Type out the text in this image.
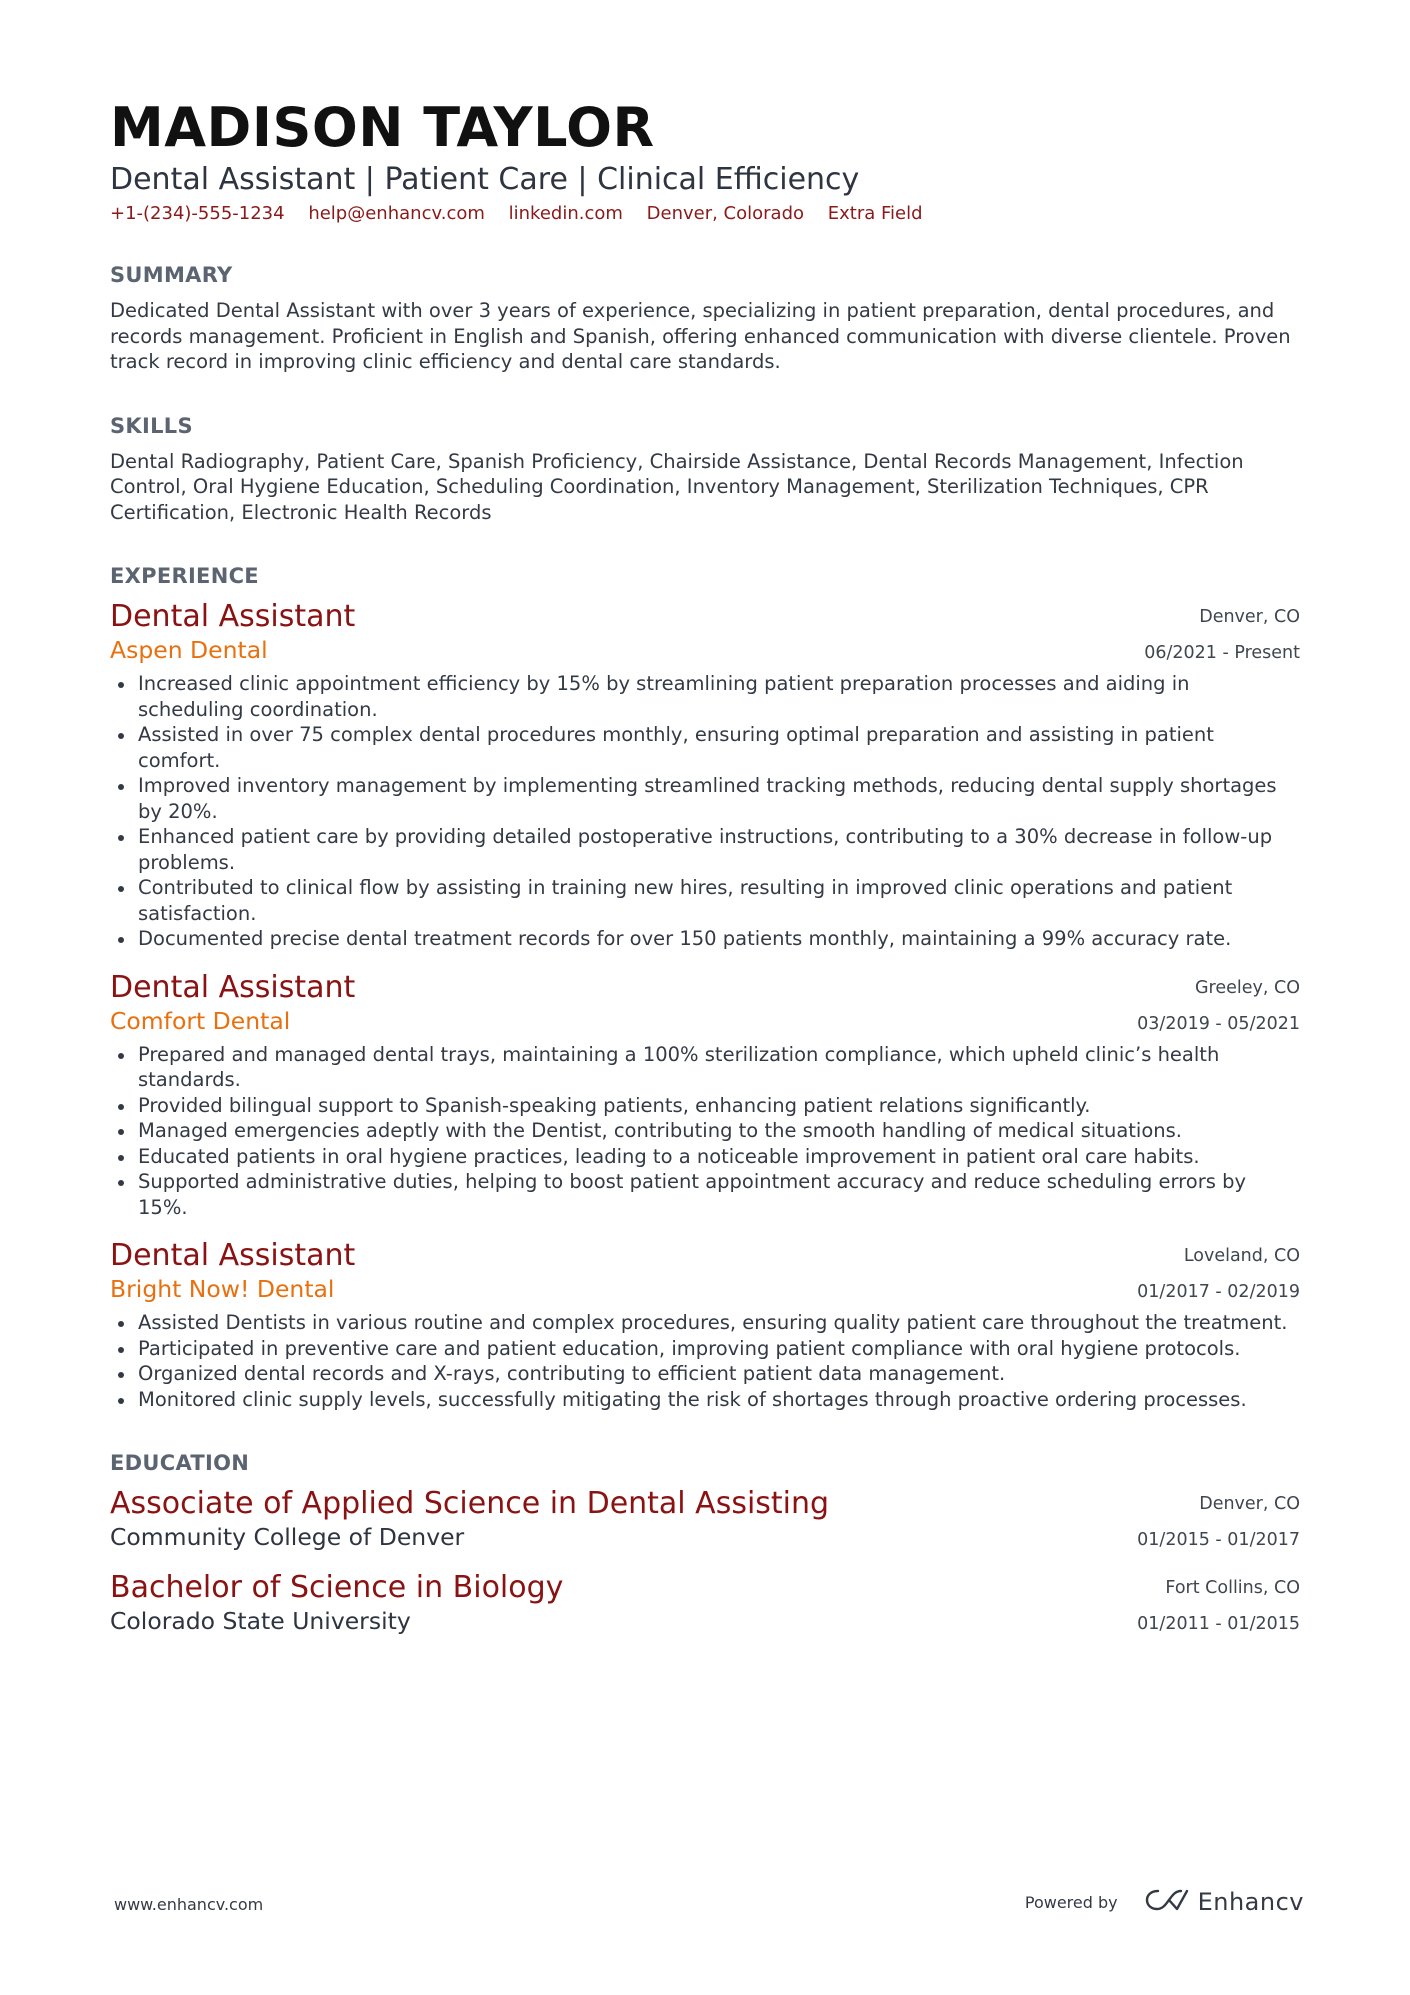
MADISON TAYLOR
Dental Assistant | Patient Care | Clinical Efficiency
+1-(234)-555-1234 help@enhancv.com linkedin.com Denver, Colorado Extra Field
SUMMARY
Dedicated Dental Assistant with over 3 years of experience, specializing in patient preparation, dental procedures, and records management. Proficient in English and Spanish, offering enhanced communication with diverse clientele. Proven track record in improving clinic efficiency and dental care standards.
SKILLS
Dental Radiography, Patient Care, Spanish Proficiency, Chairside Assistance, Dental Records Management, Infection Control, Oral Hygiene Education, Scheduling Coordination, Inventory Management, Sterilization Techniques, CPR Certification, Electronic Health Records
EXPERIENCE
Dental Assistant
Aspen Dental
Denver, CO
06/2021 - Present
Increased clinic appointment efficiency by 15% by streamlining patient preparation processes and aiding in scheduling coordination.
Assisted in over 75 complex dental procedures monthly, ensuring optimal preparation and assisting in patient comfort.
Improved inventory management by implementing streamlined tracking methods, reducing dental supply shortages by 20%.
Enhanced patient care by providing detailed postoperative instructions, contributing to a 30% decrease in follow-up problems.
Contributed to clinical flow by assisting in training new hires, resulting in improved clinic operations and patient satisfaction.
Documented precise dental treatment records for over 150 patients monthly, maintaining a 99% accuracy rate.
Dental Assistant
Comfort Dental
Greeley, CO
03/2019 - 05/2021
Prepared and managed dental trays, maintaining a 100% sterilization compliance, which upheld clinic’s health standards.
Provided bilingual support to Spanish-speaking patients, enhancing patient relations significantly.
Managed emergencies adeptly with the Dentist, contributing to the smooth handling of medical situations.
Educated patients in oral hygiene practices, leading to a noticeable improvement in patient oral care habits.
Supported administrative duties, helping to boost patient appointment accuracy and reduce scheduling errors by 15%.
Dental Assistant
Bright Now! Dental
Loveland, CO
01/2017 - 02/2019
Assisted Dentists in various routine and complex procedures, ensuring quality patient care throughout the treatment.
Participated in preventive care and patient education, improving patient compliance with oral hygiene protocols.
Organized dental records and X-rays, contributing to efficient patient data management.
Monitored clinic supply levels, successfully mitigating the risk of shortages through proactive ordering processes.
EDUCATION
Associate of Applied Science in Dental Assisting
Community College of Denver
Denver, CO
01/2015 - 01/2017
Bachelor of Science in Biology
Colorado State University
Fort Collins, CO
01/2011 - 01/2015
www.enhancv.com	Powered by	Enhancv
